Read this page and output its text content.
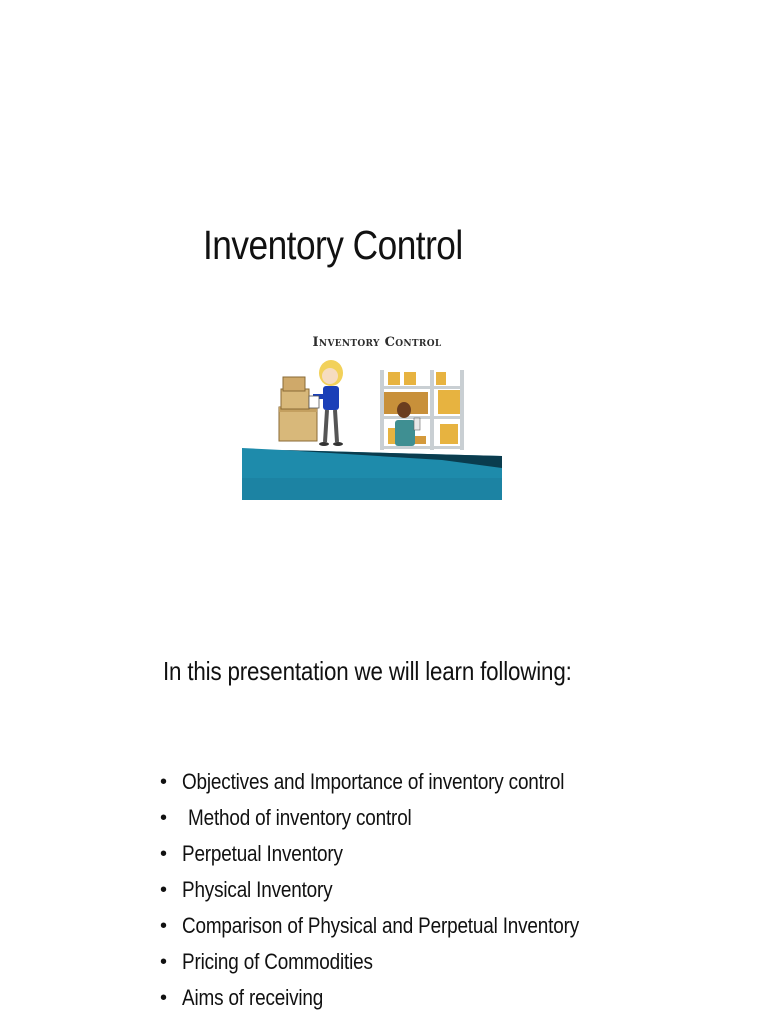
Inventory Control
Inventory Control
In this presentation we will learn following:
• Objectives and Importance of inventory control
• Method of inventory control
• Perpetual Inventory
• Physical Inventory
• Comparison of Physical and Perpetual Inventory
• Pricing of Commodities
• Aims of receiving
